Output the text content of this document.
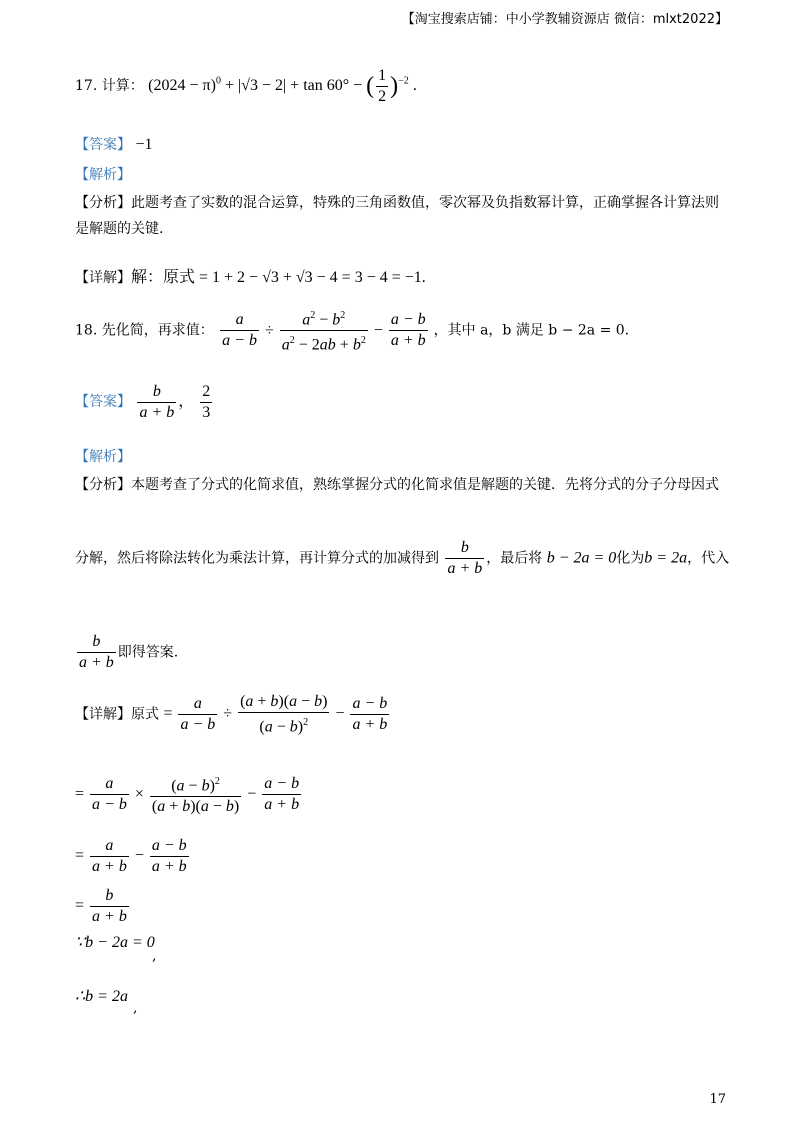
【淘宝搜索店铺：中小学教辅资源店 微信：mlxt2022】
17. 计算： $(2024 - \pi)^0 + |√3 - 2| + \tan 60^\circ$ − ( $\frac{1}{2} )^{-2}$ .
【答案】 −1
【解析】
【分析】此题考查了实数的混合运算，特殊的三角函数值，零次幂及负指数幂计算，正确掌握各计算法则
是解题的关键.
【详解】解：原式 = 1 + 2 − √3 + √3 − 4 = 3 − 4 = −1.
18. 先化简，再求值： $\frac{a}{a - b} \div \frac{a^2 - b^2}{a^2 - 2ab + b^2} - \frac{a - b}{a + b}$ ，其中 a，b 满足 b − 2a = 0.
【答案】 $\frac{b}{a + b}$ ， $\frac{2}{3}$
【解析】
【分析】本题考查了分式的化简求值，熟练掌握分式的化简求值是解题的关键．先将分式的分子分母因式
分解，然后将除法转化为乘法计算，再计算分式的加减得到 $\frac{b}{a + b}$ ，最后将 b − 2a = 0化为b = 2a，代入
$\frac{b}{a + b}$ 即得答案.
【详解】原式 = $\frac{a}{a - b} \div \frac{(a + b)(a - b)}{(a - b)^2} - \frac{a - b}{a + b}$
= $\frac{a}{a - b} \times \frac{(a - b)^2}{(a + b)(a - b)} - \frac{a - b}{a + b}$
= $\frac{a}{a + b} - \frac{a - b}{a + b}$
= $\frac{b}{a + b}$
∵b − 2a = 0
,
∴b = 2a
,
17
